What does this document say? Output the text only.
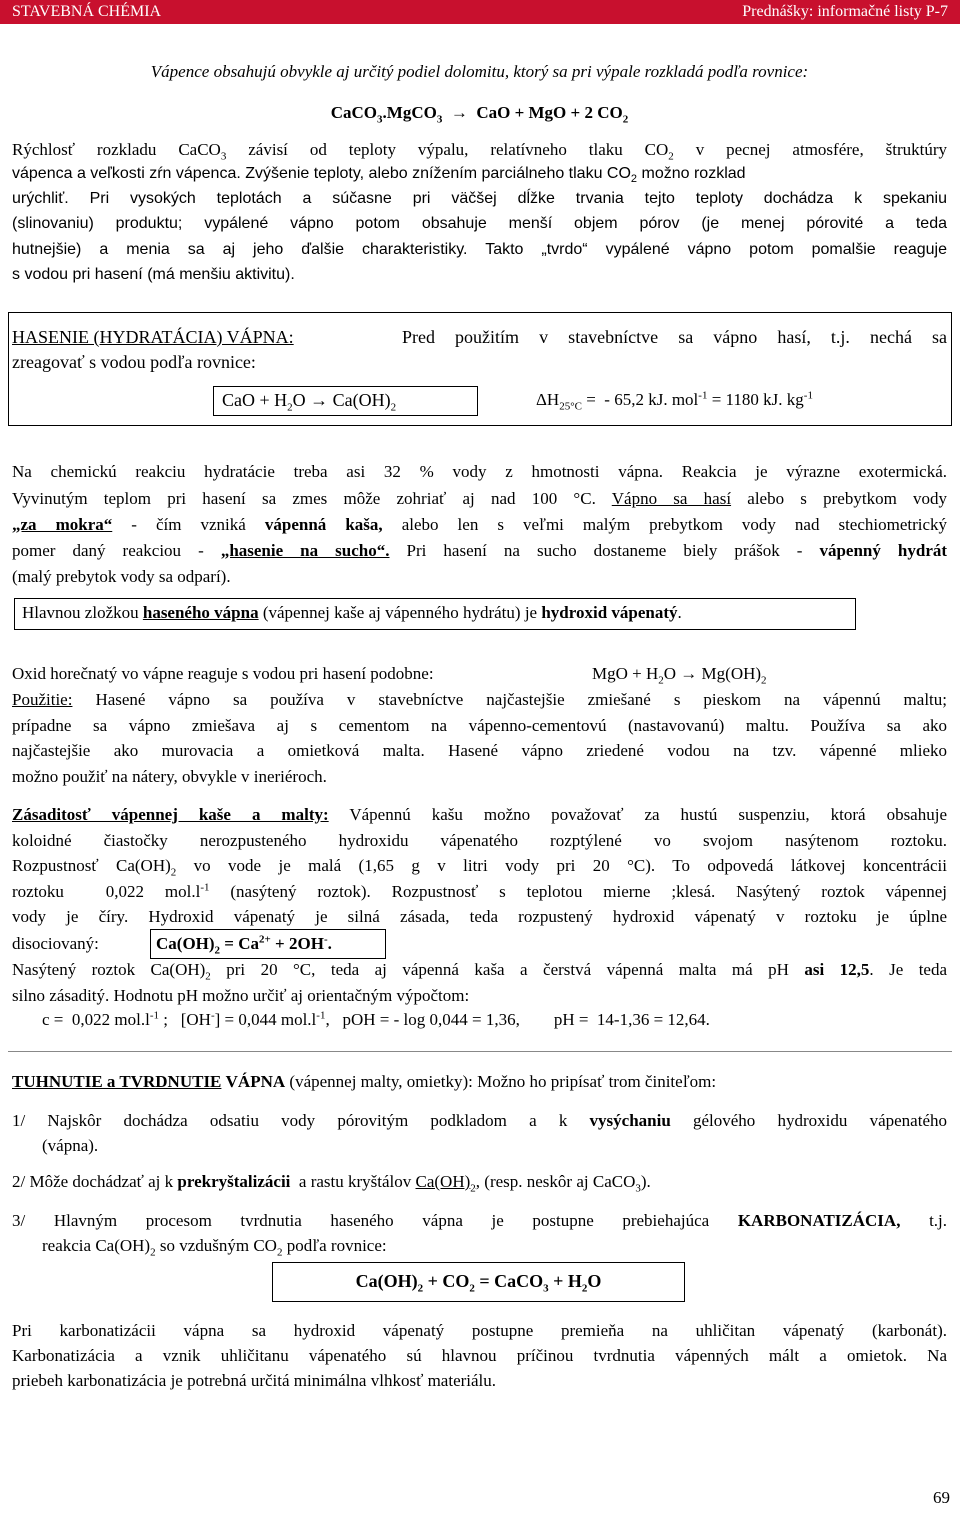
STAVEBNÁ CHÉMIA	Prednášky: informačné listy P-7
Vápence obsahujú obvykle aj určitý podiel dolomitu, ktorý sa pri výpale rozkladá podľa rovnice:
CaCO$_3$.MgCO$_3$  →  CaO + MgO + 2 $CO_2$
Rýchlosť rozkladu CaCO$_3$ závisí od teploty výpalu, relatívneho tlaku $CO_2$ v pecnej atmosfére, štruktúry
vápenca a veľkosti zŕn vápenca. Zvýšenie teploty, alebo znížením parciálneho tlaku $CO_2$ možno rozklad
urýchliť. Pri vysokých teplotách a súčasne pri väčšej dĺžke trvania tejto teploty dochádza k spekaniu
(slinovaniu) produktu; vypálené vápno potom obsahuje menší objem pórov (je menej pórovité a teda
hutnejšie) a menia sa aj jeho ďalšie charakteristiky. Takto „tvrdo“ vypálené vápno potom pomalšie reaguje
s vodou pri hasení (má menšiu aktivitu).
HASENIE (HYDRATÁCIA) VÁPNA:	Pred použitím v stavebníctve sa vápno hasí, t.j. nechá sa
zreagovať s vodou podľa rovnice:
CaO + $H_2O \to Ca(OH)_2$	$\Delta H_{25^\circ C}$ =  - 65,2 kJ. mol$^{-1}$ = 1180 kJ. $kg^{-1}$
Na chemickú reakciu hydratácie treba asi 32 % vody z hmotnosti vápna. Reakcia je výrazne exotermická.
Vyvinutým teplom pri hasení sa zmes môže zohriať aj nad 100 °C. Vápno sa hasí alebo s prebytkom vody
„za mokra“ - čím vzniká vápenná kaša, alebo len s veľmi malým prebytkom vody nad stechiometrický
pomer daný reakciou - „hasenie na sucho“. Pri hasení na sucho dostaneme biely prášok - vápenný hydrát
(malý prebytok vody sa odparí).
Hlavnou zložkou haseného vápna (vápennej kaše aj vápenného hydrátu) je hydroxid vápenatý.
Oxid horečnatý vo vápne reaguje s vodou pri hasení podobne:	MgO + $H_2O \to Mg(OH)_2$
Použitie: Hasené vápno sa používa v stavebníctve najčastejšie zmiešané s pieskom na vápennú maltu;
prípadne sa vápno zmiešava aj s cementom na vápenno-cementovú (nastavovanú) maltu. Používa sa ako
najčastejšie ako murovacia a omietková malta. Hasené vápno zriedené vodou na tzv. vápenné mlieko
možno použiť na nátery, obvykle v ineriéroch.
Zásaditosť vápennej kaše a malty: Vápennú kašu možno považovať za hustú suspenziu, ktorá obsahuje
koloidné čiastočky nerozpusteného hydroxidu vápenatého rozptýlené vo svojom nasýtenom roztoku.
Rozpustnosť $Ca(OH)_2$ vo vode je malá (1,65 g v litri vody pri 20 °C). To odpovedá látkovej koncentrácii
roztoku  0,022 $mol.l^{-1}$ (nasýtený roztok). Rozpustnosť s teplotou mierne ;klesá. Nasýtený roztok vápennej
vody je číry. Hydroxid vápenatý je silná zásada, teda rozpustený hydroxid vápenatý v roztoku je úplne
disociovaný:	$Ca(OH)_2 = Ca^{2+} + 2OH^-$.
Nasýtený roztok $Ca(OH)_2$ pri 20 °C, teda aj vápenná kaša a čerstvá vápenná malta má pH asi 12,5. Je teda
silno zásaditý. Hodnotu pH možno určiť aj orientačným výpočtom:
c =  0,022 $mol.l^{-1}$ ;   [OH-] = 0,044 $mol.l^{-1}$,   pOH = - log 0,044 = 1,36,        pH =  14-1,36 = 12,64.
TUHNUTIE a TVRDNUTIE VÁPNA (vápennej malty, omietky): Možno ho pripísať trom činiteľom:
1/ Najskôr dochádza odsatiu vody pórovitým podkladom a k vysýchaniu gélového hydroxidu vápenatého
(vápna).
2/ Môže dochádzať aj k prekryštalizácii  a rastu kryštálov $Ca(OH)_2$, (resp. neskôr aj CaCO$_3$).
3/ Hlavným procesom tvrdnutia haseného vápna je postupne prebiehajúca KARBONATIZÁCIA, t.j.
reakcia $Ca(OH)_2$ so vzdušným $CO_2$ podľa rovnice:
$Ca(OH)_2 + CO_2$ = CaCO$_3$ + $H_2O$
Pri karbonatizácii vápna sa hydroxid vápenatý postupne premieňa na uhličitan vápenatý (karbonát).
Karbonatizácia a vznik uhličitanu vápenatého sú hlavnou príčinou tvrdnutia vápenných mált a omietok. Na
priebeh karbonatizácia je potrebná určitá minimálna vlhkosť materiálu.
69
